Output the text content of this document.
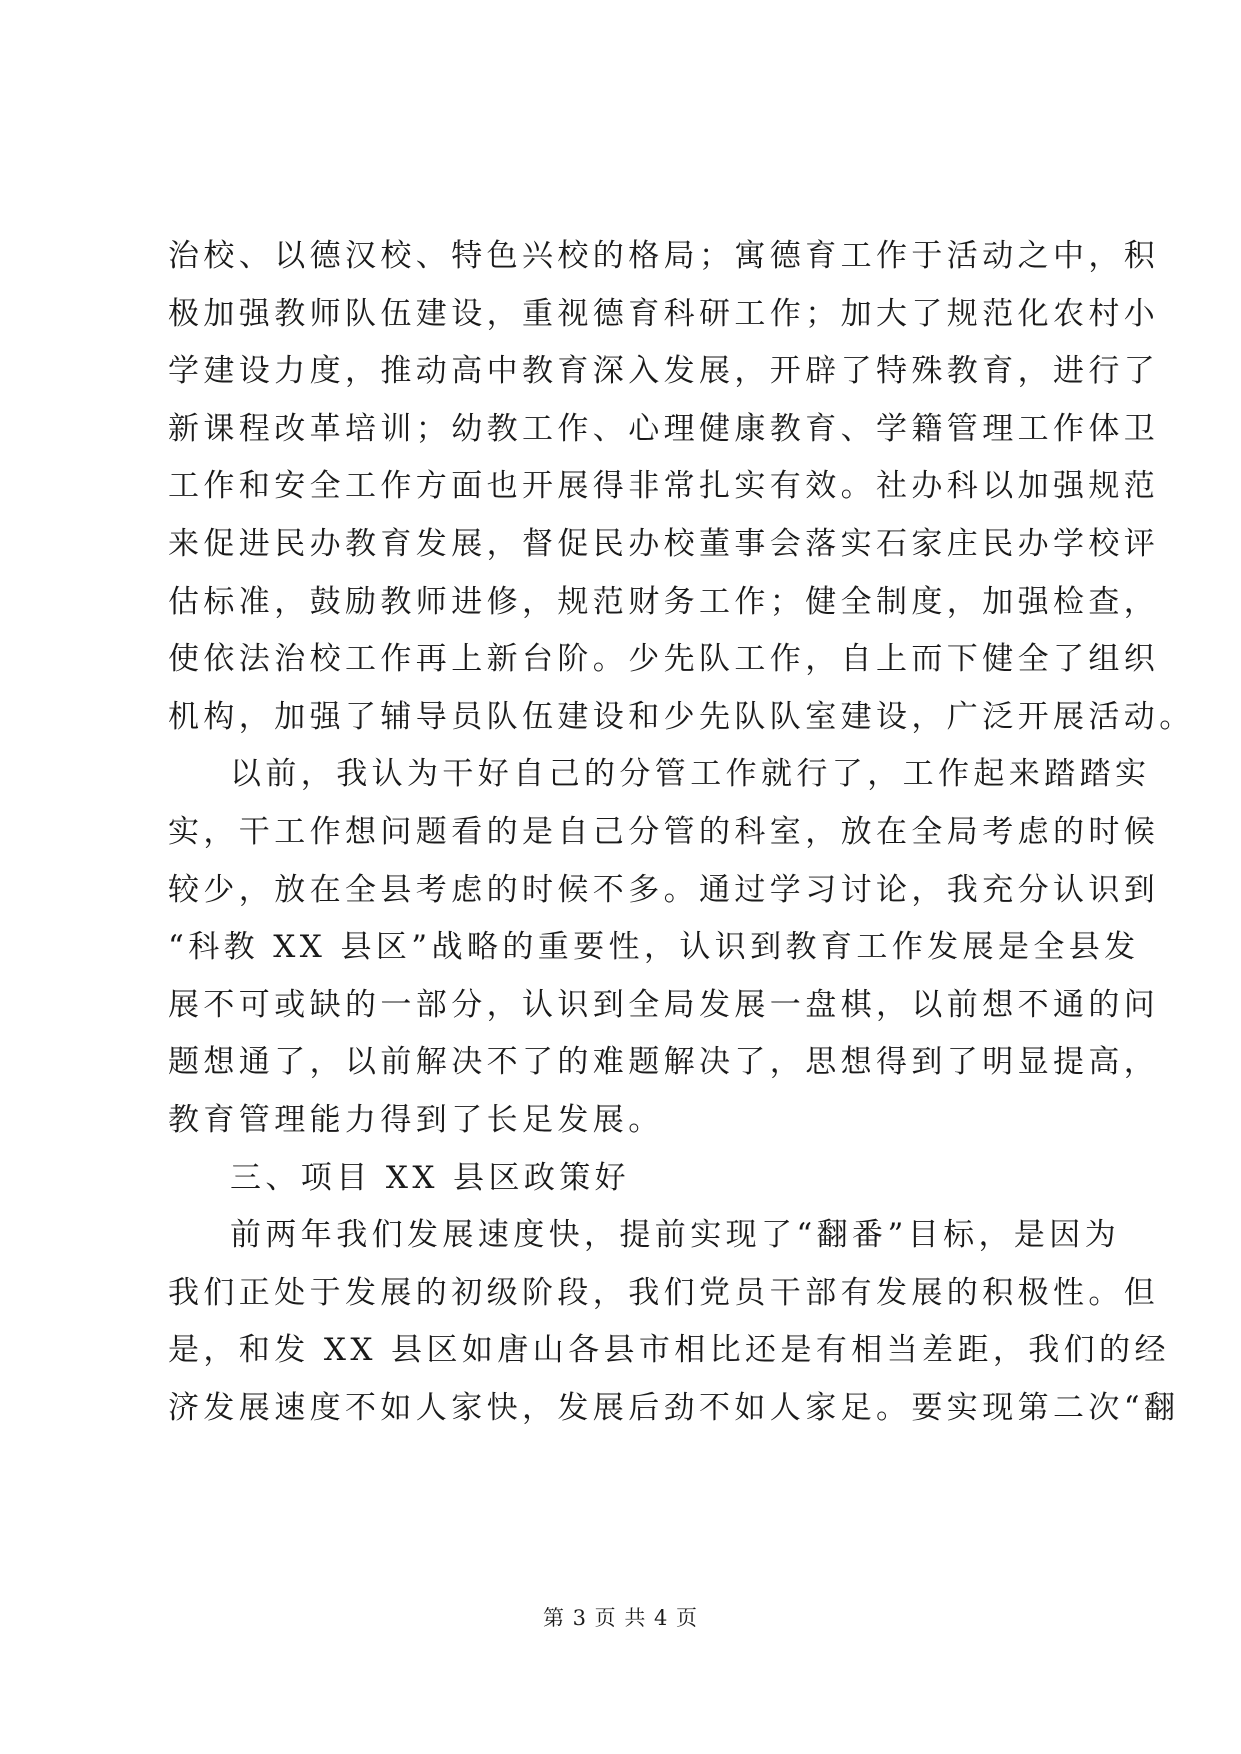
治校、以德汉校、特色兴校的格局；寓德育工作于活动之中，积
极加强教师队伍建设，重视德育科研工作；加大了规范化农村小
学建设力度，推动高中教育深入发展，开辟了特殊教育，进行了
新课程改革培训；幼教工作、心理健康教育、学籍管理工作体卫
工作和安全工作方面也开展得非常扎实有效。社办科以加强规范
来促进民办教育发展，督促民办校董事会落实石家庄民办学校评
估标准，鼓励教师进修，规范财务工作；健全制度，加强检查，
使依法治校工作再上新台阶。少先队工作，自上而下健全了组织
机构，加强了辅导员队伍建设和少先队队室建设，广泛开展活动。
以前，我认为干好自己的分管工作就行了，工作起来踏踏实
实，干工作想问题看的是自己分管的科室，放在全局考虑的时候
较少，放在全县考虑的时候不多。通过学习讨论，我充分认识到
“科教 XX 县区”战略的重要性，认识到教育工作发展是全县发
展不可或缺的一部分，认识到全局发展一盘棋，以前想不通的问
题想通了，以前解决不了的难题解决了，思想得到了明显提高，
教育管理能力得到了长足发展。
三、项目 XX 县区政策好
前两年我们发展速度快，提前实现了“翻番”目标，是因为
我们正处于发展的初级阶段，我们党员干部有发展的积极性。但
是，和发 XX 县区如唐山各县市相比还是有相当差距，我们的经
济发展速度不如人家快，发展后劲不如人家足。要实现第二次“翻
第 3 页 共 4 页
